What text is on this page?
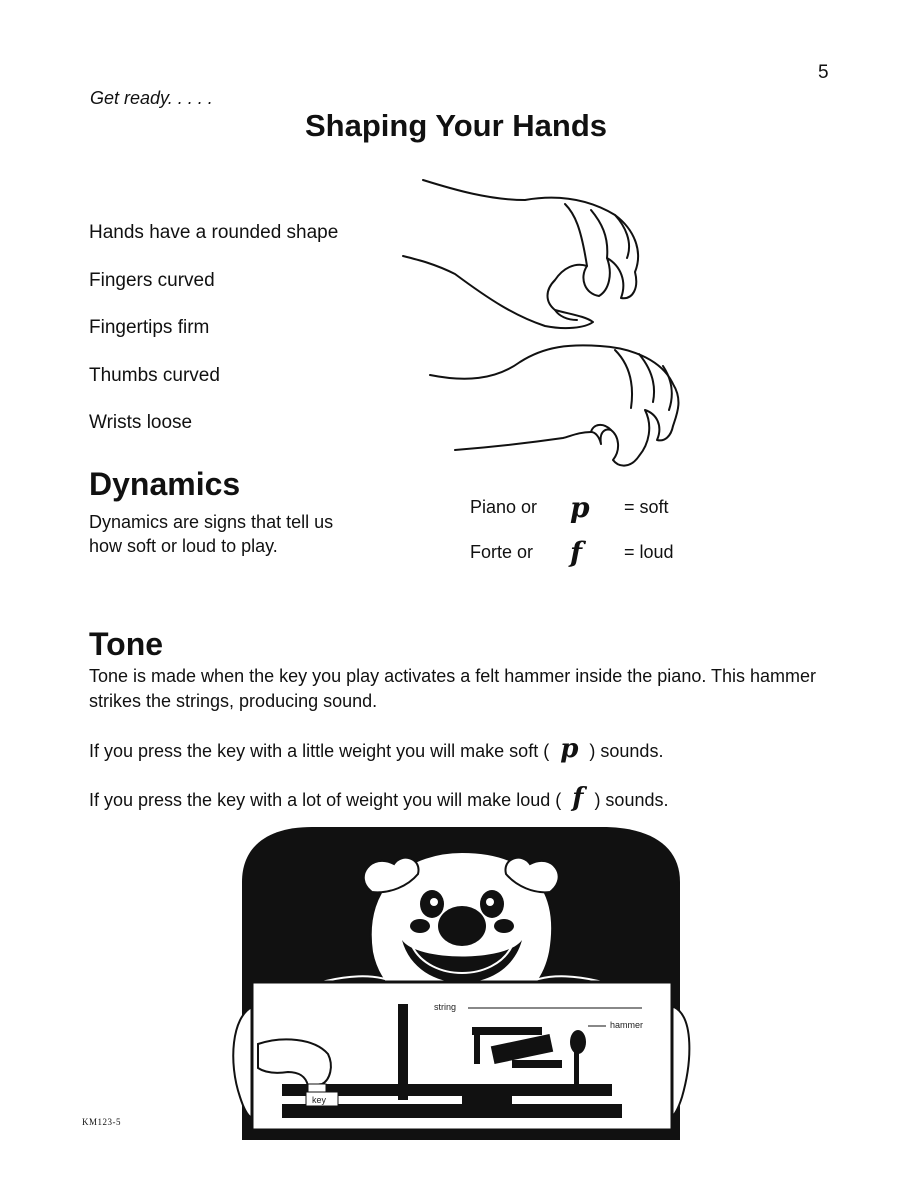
5
Get ready. . . . .
Shaping Your Hands
Hands have a rounded shape
Fingers curved
Fingertips firm
Thumbs curved
Wrists loose
Dynamics
Dynamics are signs that tell us how soft or loud to play.
Piano or p = soft
Forte or f = loud
Tone
Tone is made when the key you play activates a felt hammer inside the piano. This hammer strikes the strings, producing sound.
If you press the key with a little weight you will make soft ( p ) sounds.
If you press the key with a lot of weight you will make loud ( f ) sounds.
string
hammer
key
KM123-5
